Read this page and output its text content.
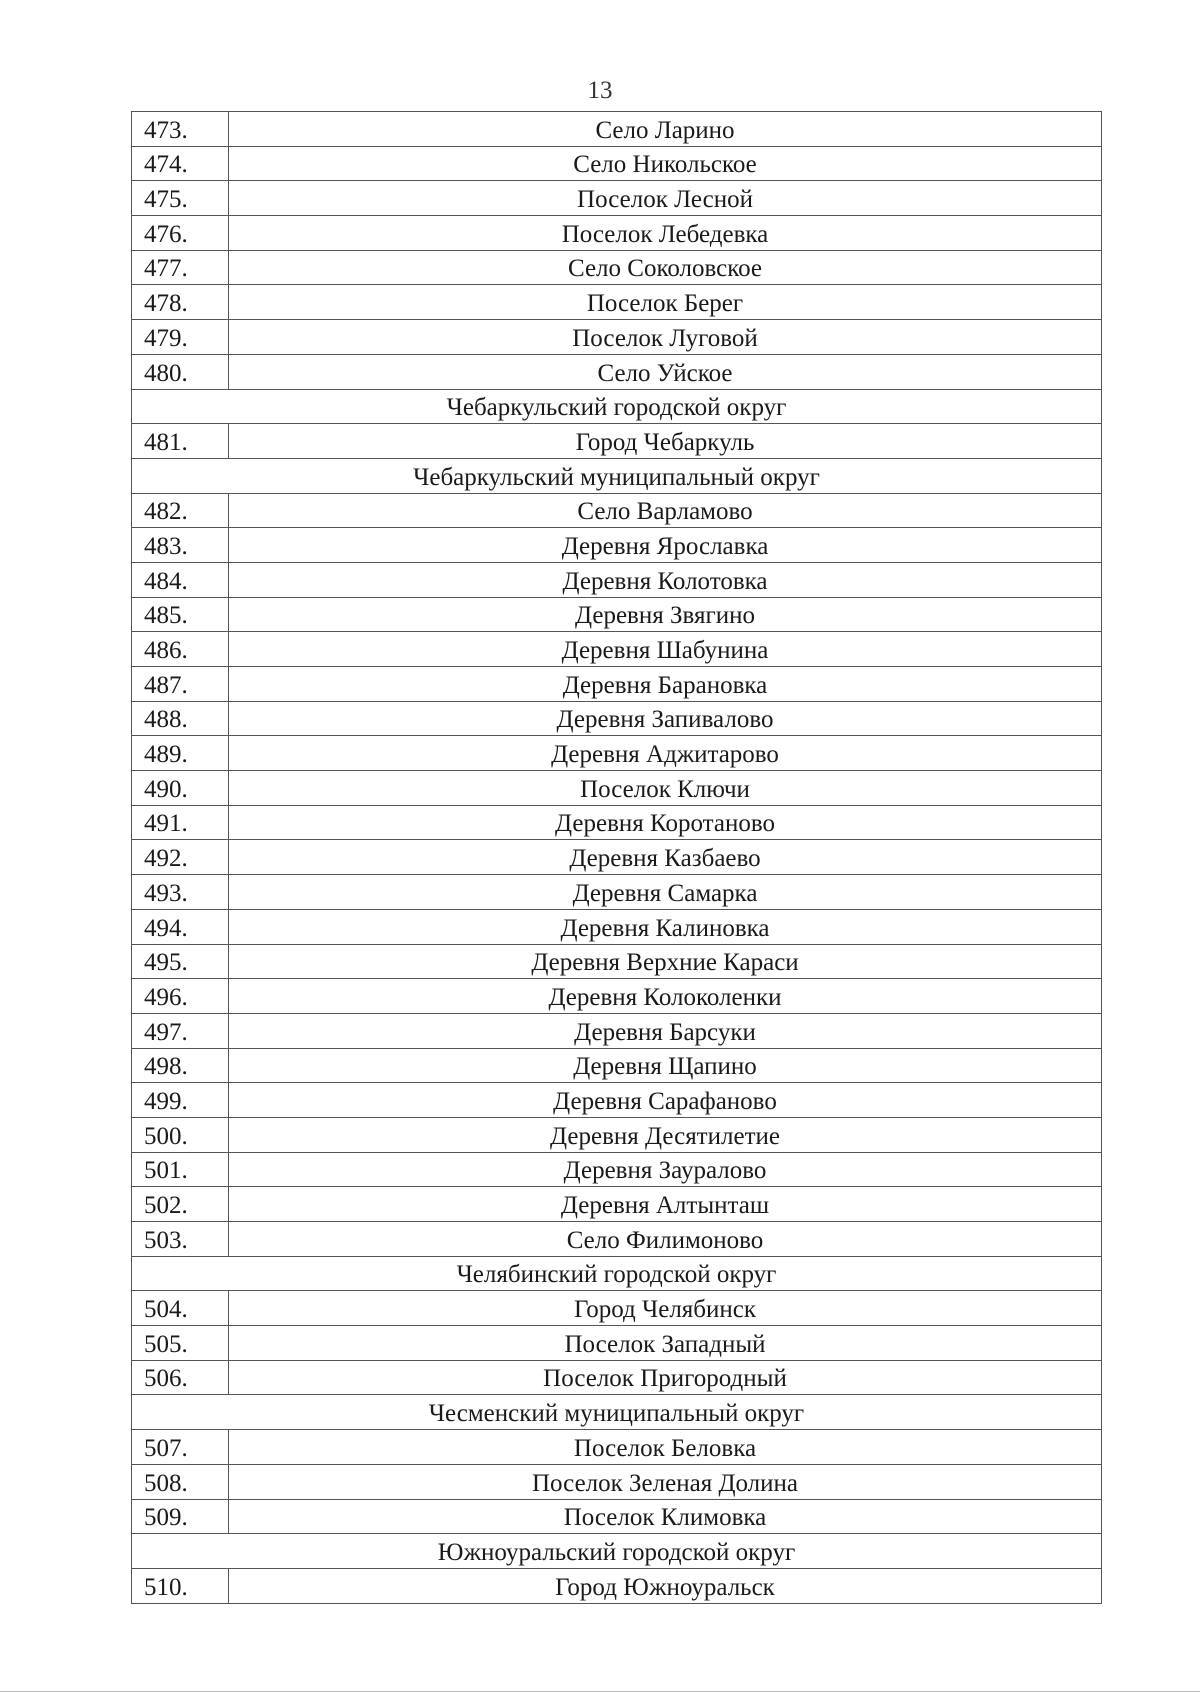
13
473.	Село Ларино
474.	Село Никольское
475.	Поселок Лесной
476.	Поселок Лебедевка
477.	Село Соколовское
478.	Поселок Берег
479.	Поселок Луговой
480.	Село Уйское
Чебаркульский городской округ	
481.	Город Чебаркуль
Чебаркульский муниципальный округ	
482.	Село Варламово
483.	Деревня Ярославка
484.	Деревня Колотовка
485.	Деревня Звягино
486.	Деревня Шабунина
487.	Деревня Барановка
488.	Деревня Запивалово
489.	Деревня Аджитарово
490.	Поселок Ключи
491.	Деревня Коротаново
492.	Деревня Казбаево
493.	Деревня Самарка
494.	Деревня Калиновка
495.	Деревня Верхние Караси
496.	Деревня Колоколенки
497.	Деревня Барсуки
498.	Деревня Щапино
499.	Деревня Сарафаново
500.	Деревня Десятилетие
501.	Деревня Зауралово
502.	Деревня Алтынташ
503.	Село Филимоново
Челябинский городской округ	
504.	Город Челябинск
505.	Поселок Западный
506.	Поселок Пригородный
Чесменский муниципальный округ	
507.	Поселок Беловка
508.	Поселок Зеленая Долина
509.	Поселок Климовка
Южноуральский городской округ	
510.	Город Южноуральск
